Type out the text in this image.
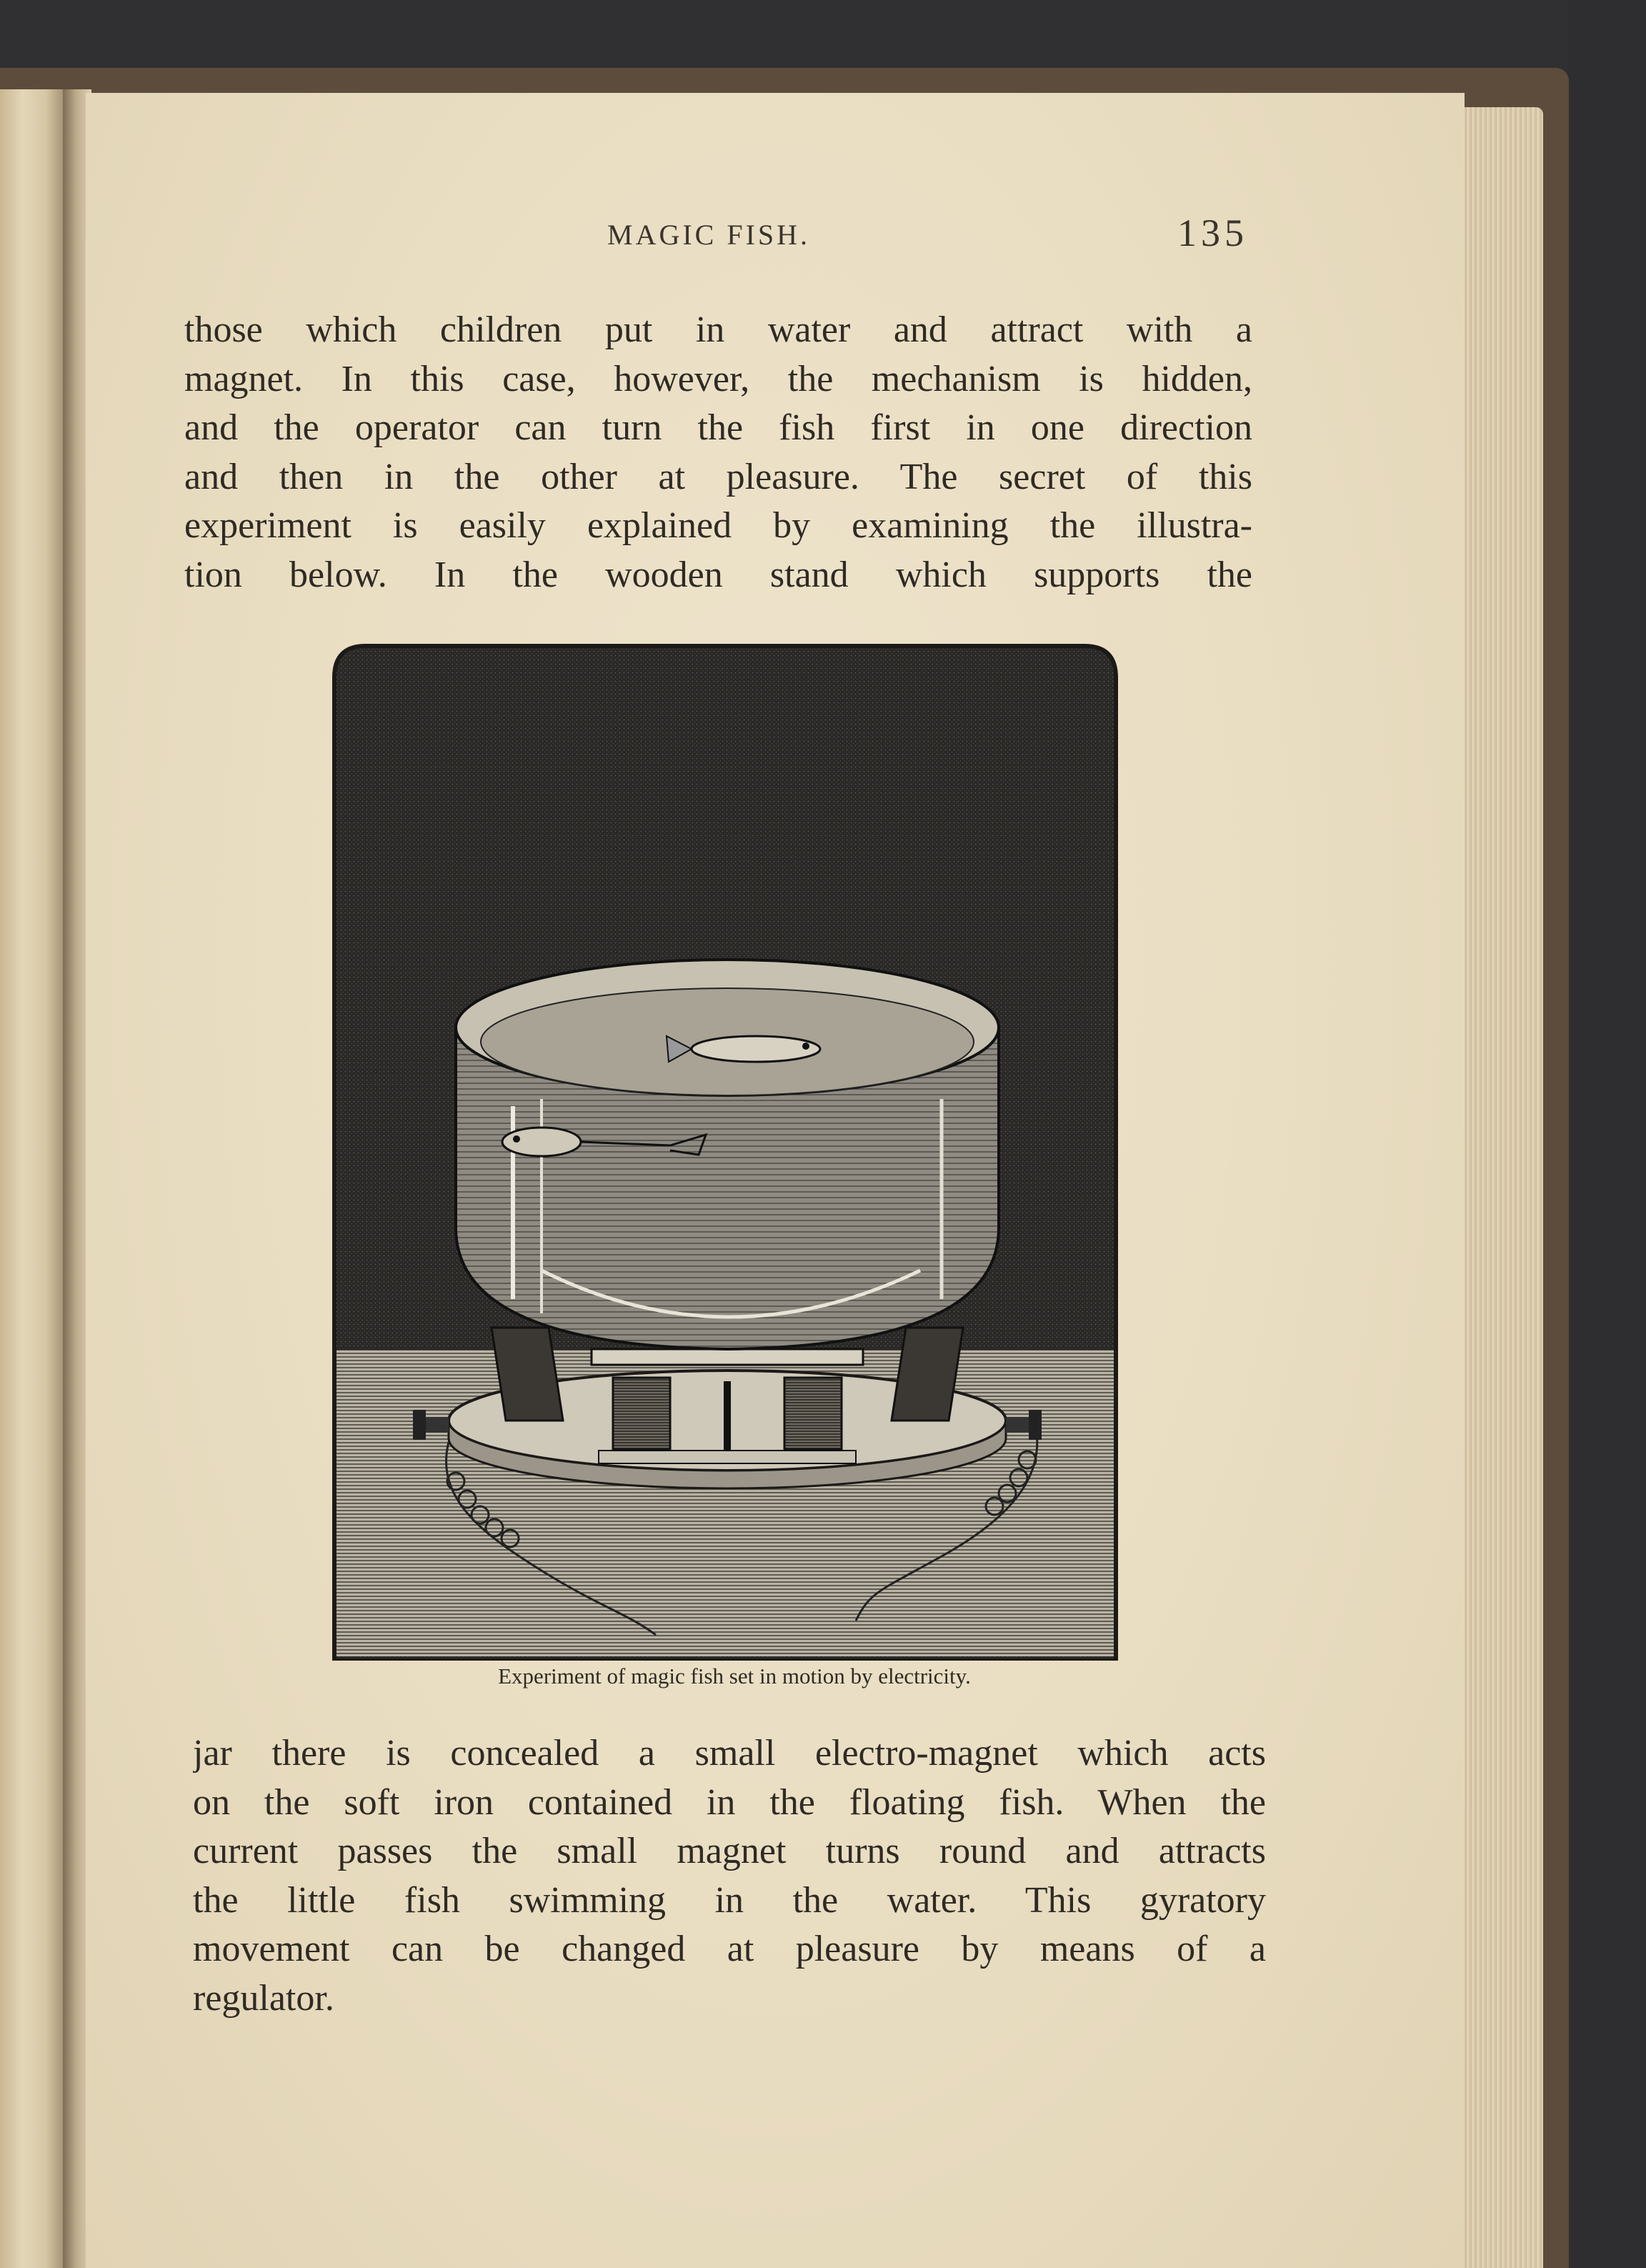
MAGIC FISH.	135
those which children put in water and attract with a
magnet. In this case, however, the mechanism is hidden,
and the operator can turn the fish first in one direction
and then in the other at pleasure. The secret of this
experiment is easily explained by examining the illustra-
tion below. In the wooden stand which supports the
Experiment of magic fish set in motion by electricity.
jar there is concealed a small electro-magnet which acts
on the soft iron contained in the floating fish. When the
current passes the small magnet turns round and attracts
the little fish swimming in the water. This gyratory
movement can be changed at pleasure by means of a
regulator.
